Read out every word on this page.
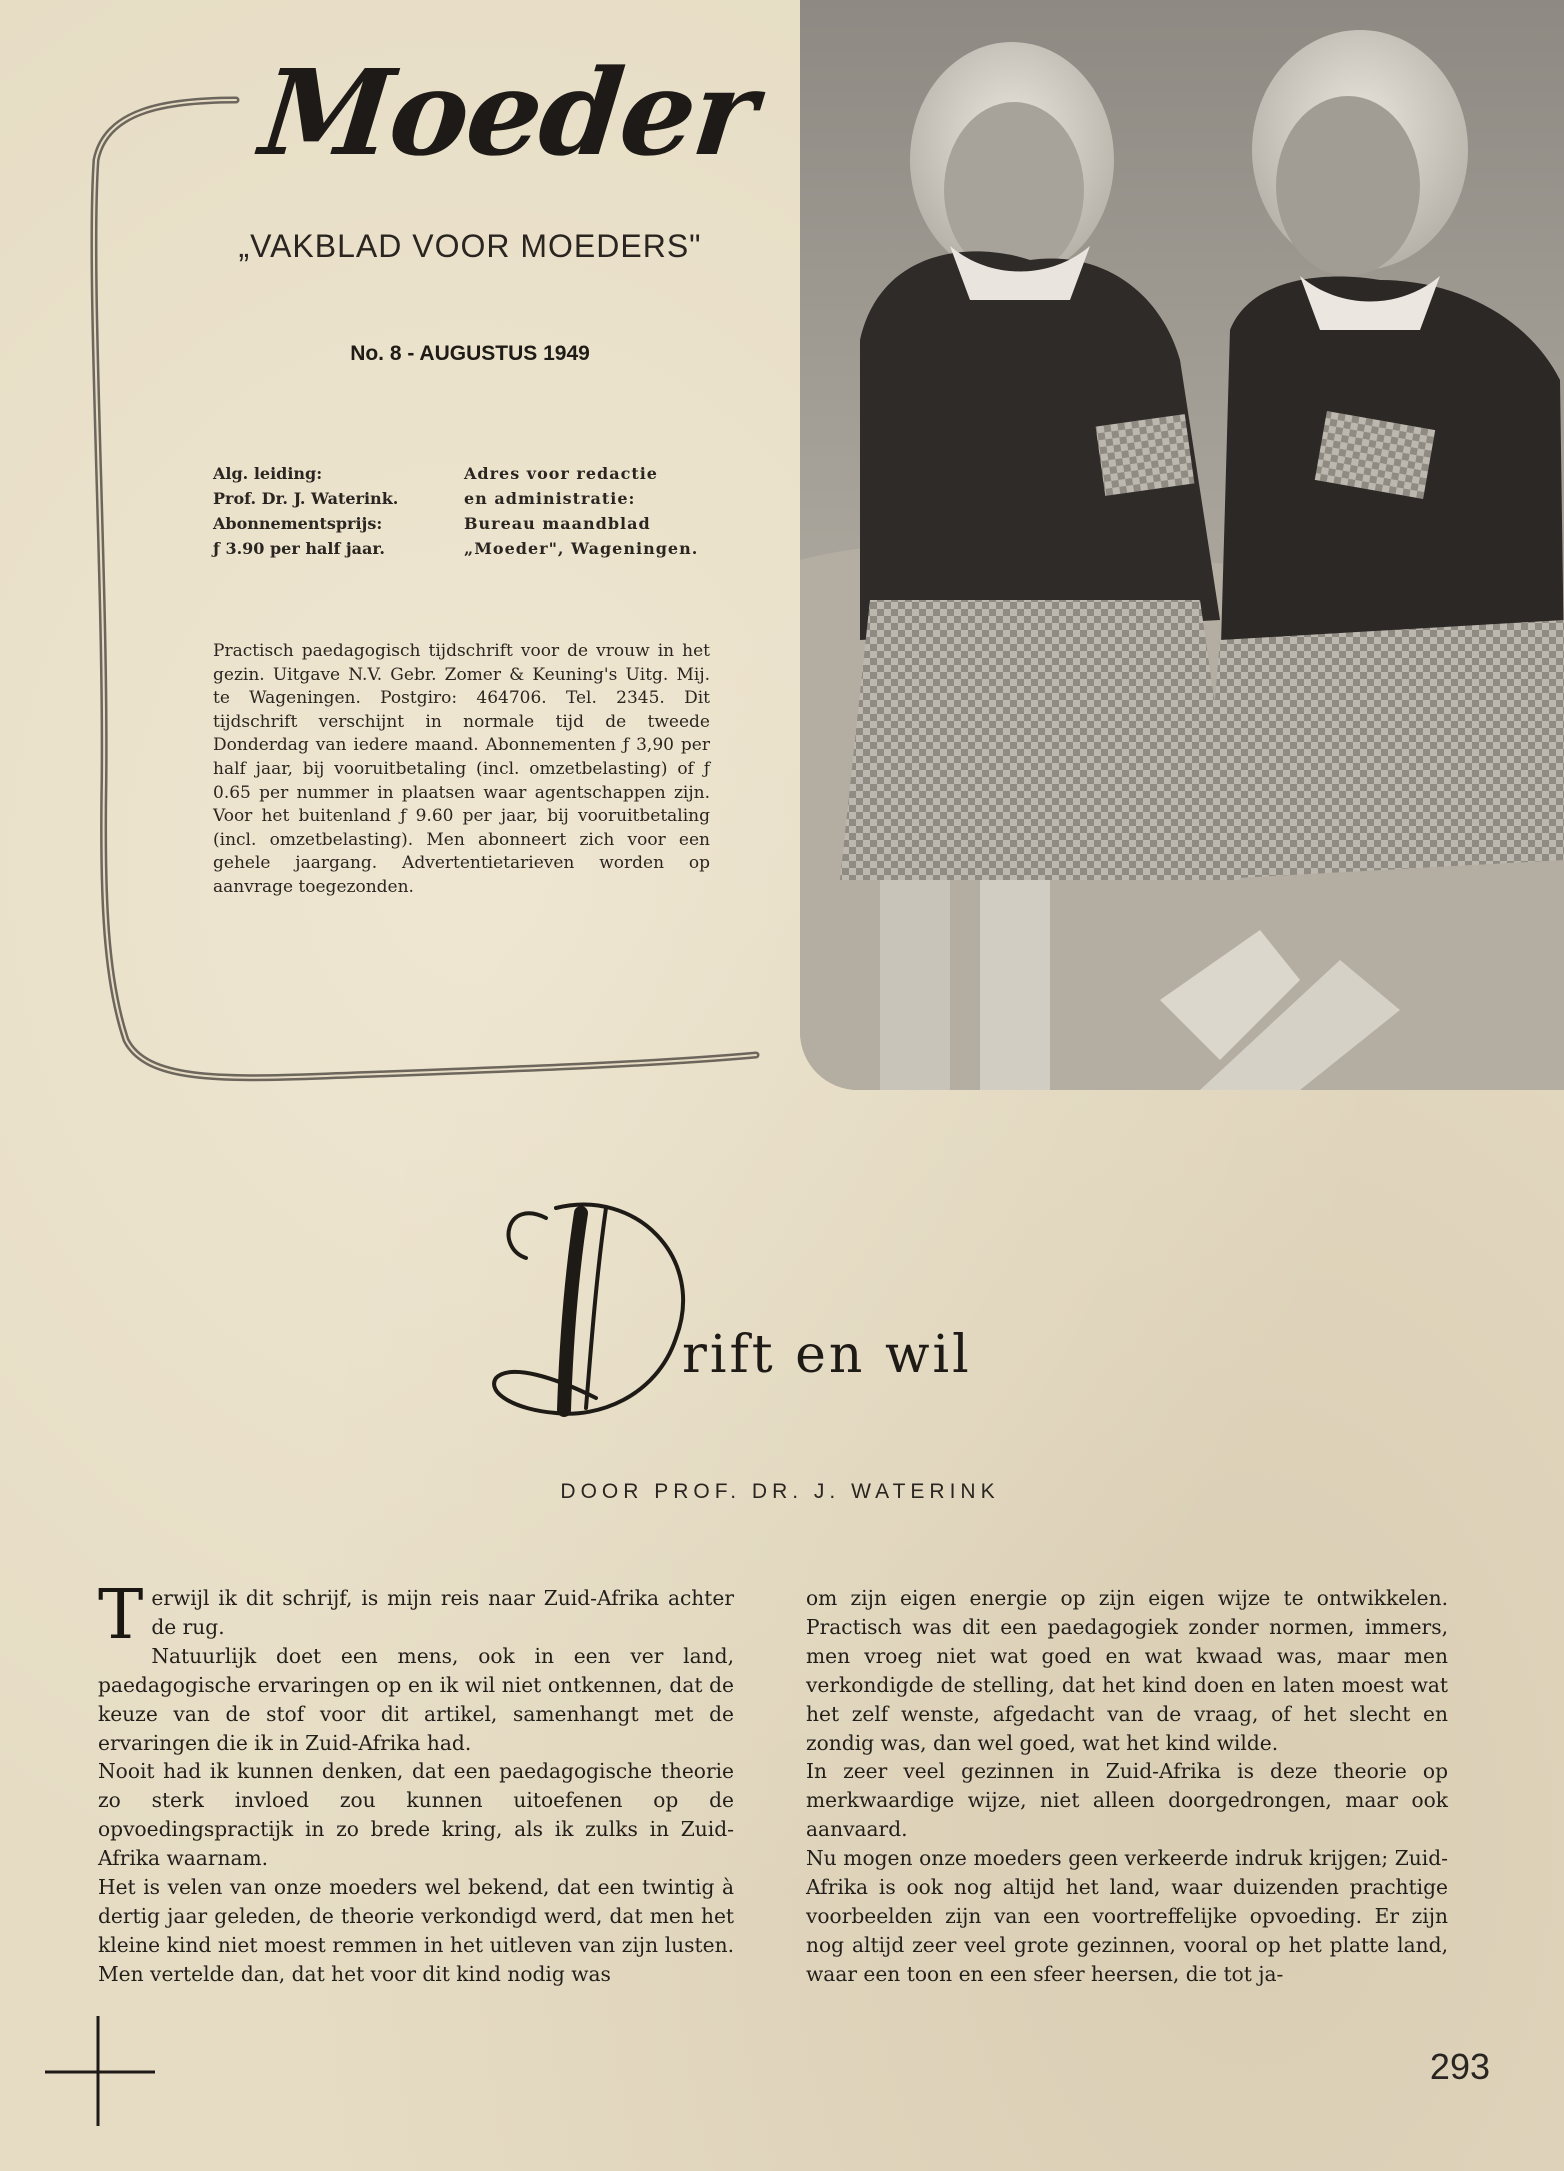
Moeder
„VAKBLAD VOOR MOEDERS"
No. 8 - AUGUSTUS 1949
Alg. leiding:
Prof. Dr. J. Waterink.
Abonnementsprijs:
ƒ 3.90 per half jaar.
Adres voor redactie
en administratie:
Bureau maandblad
„Moeder", Wageningen.
Practisch paedagogisch tijdschrift voor de vrouw in het gezin. Uitgave N.V. Gebr. Zomer & Keuning's Uitg. Mij. te Wageningen. Postgiro: 464706. Tel. 2345. Dit tijdschrift verschijnt in normale tijd de tweede Donderdag van iedere maand. Abonnementen ƒ 3,90 per half jaar, bij vooruitbetaling (incl. omzetbelasting) of ƒ 0.65 per nummer in plaatsen waar agentschappen zijn. Voor het buitenland ƒ 9.60 per jaar, bij vooruitbetaling (incl. omzetbelasting). Men abonneert zich voor een gehele jaargang. Advertentietarieven worden op aanvrage toegezonden.
rift en wil
DOOR PROF. DR. J. WATERINK

Terwijl ik dit schrijf, is mijn reis naar Zuid-Afrika achter de rug.

Natuurlijk doet een mens, ook in een ver land, paedagogische ervaringen op en ik wil niet ontkennen, dat de keuze van de stof voor dit artikel, samenhangt met de ervaringen die ik in Zuid-Afrika had.

Nooit had ik kunnen denken, dat een paedagogische theorie zo sterk invloed zou kunnen uitoefenen op de opvoedingspractijk in zo brede kring, als ik zulks in Zuid-Afrika waarnam.

Het is velen van onze moeders wel bekend, dat een twintig à dertig jaar geleden, de theorie verkondigd werd, dat men het kleine kind niet moest remmen in het uitleven van zijn lusten. Men vertelde dan, dat het voor dit kind nodig was

om zijn eigen energie op zijn eigen wijze te ontwikkelen. Practisch was dit een paedagogiek zonder normen, immers, men vroeg niet wat goed en wat kwaad was, maar men verkondigde de stelling, dat het kind doen en laten moest wat het zelf wenste, afgedacht van de vraag, of het slecht en zondig was, dan wel goed, wat het kind wilde.

In zeer veel gezinnen in Zuid-Afrika is deze theorie op merkwaardige wijze, niet alleen doorgedrongen, maar ook aanvaard.

Nu mogen onze moeders geen verkeerde indruk krijgen; Zuid-Afrika is ook nog altijd het land, waar duizenden prachtige voorbeelden zijn van een voortreffelijke opvoeding. Er zijn nog altijd zeer veel grote gezinnen, vooral op het platte land, waar een toon en een sfeer heersen, die tot ja-

293
